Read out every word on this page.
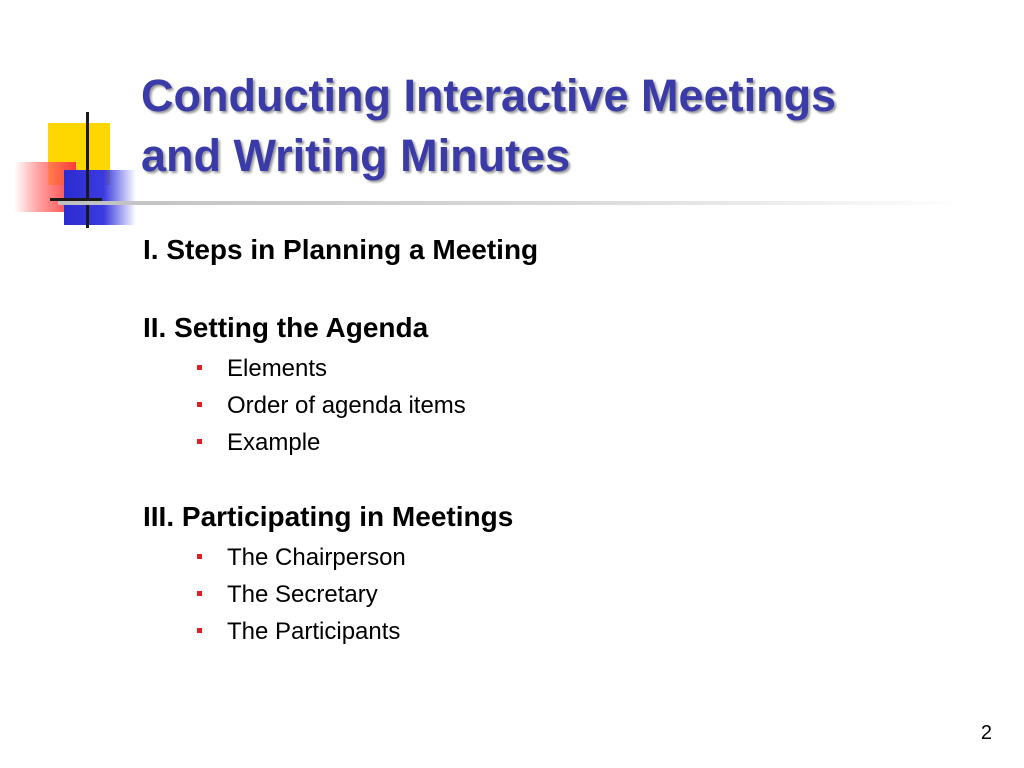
Conducting Interactive Meetings
and Writing Minutes

I. Steps in Planning a Meeting

II. Setting the Agenda

Elements
Order of agenda items
Example

III. Participating in Meetings

The Chairperson
The Secretary
The Participants
2
